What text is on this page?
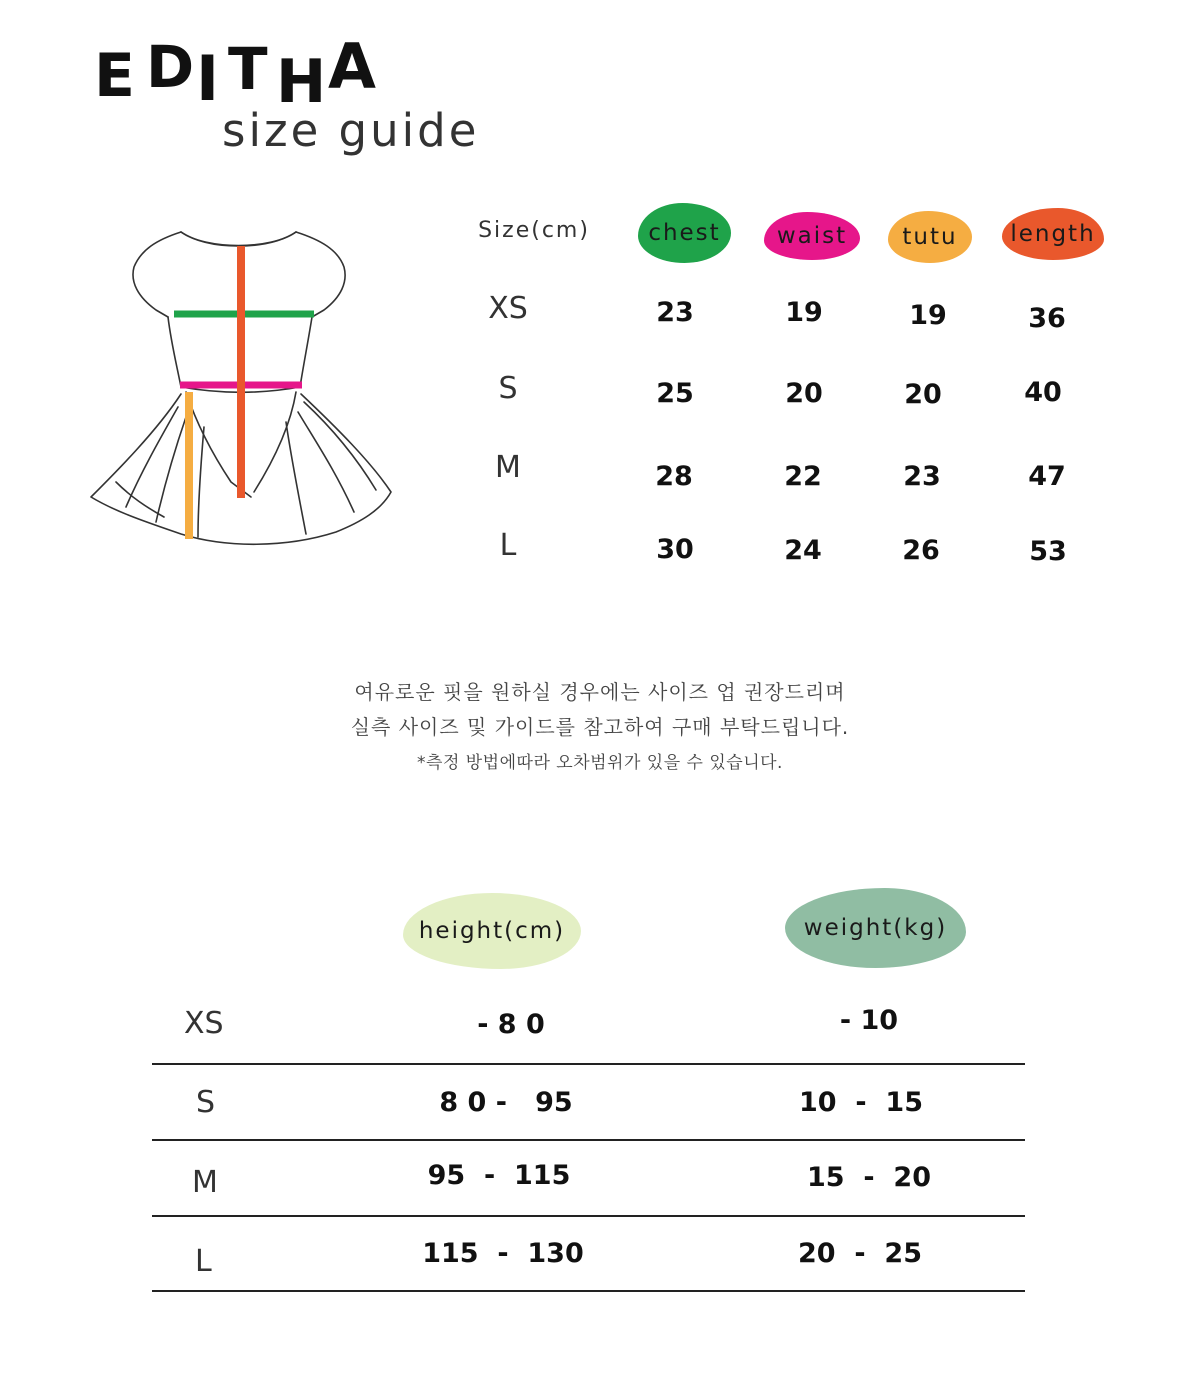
E D I T H A
size guide
Size(cm)	chest waist tutu length
XS	23	19	19	36
S	25	20	20	40
M	28	22	23	47
L	30	24	26	53
여유로운 핏을 원하실 경우에는 사이즈 업 권장드리며
실측 사이즈 및 가이드를 참고하여 구매 부탁드립니다.
*측정 방법에따라 오차범위가 있을 수 있습니다.
height(cm)	weight(kg)
XS	- 8 0	- 10
S	8 0 -   95	10  -  15
M	95  -  115	15  -  20
L	115  -  130	20  -  25
